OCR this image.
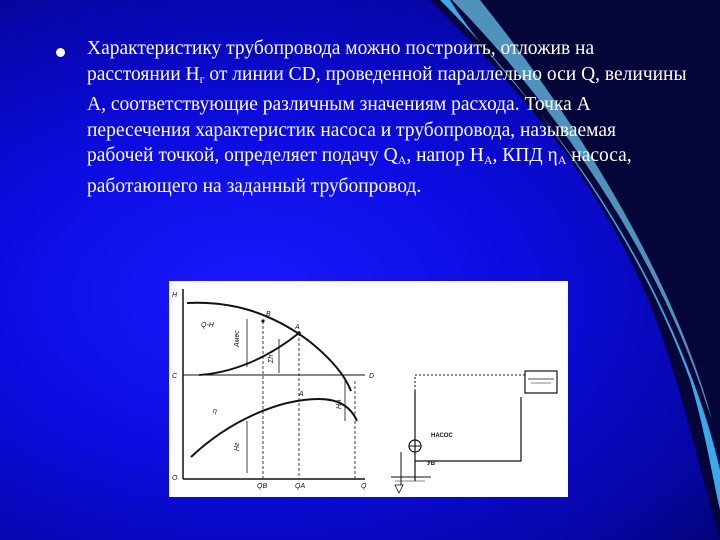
Характеристику трубопровода можно построить, отложив на расстоянии $H_г$ от линии CD, проведенной параллельно оси Q, величины A, соответствующие различным значениям расхода. Точка A пересечения характеристик насоса и трубопровода, называемая рабочей точкой, определяет подачу $Q_A$, напор $H_A$, КПД $\eta_A$ насоса, работающего на заданный трубопровод.
H
C
O
Q
D
Q-H
B
A
A
η
Aмес
Σh
Hг
HA
QB	QA
НАСОС
УВ
